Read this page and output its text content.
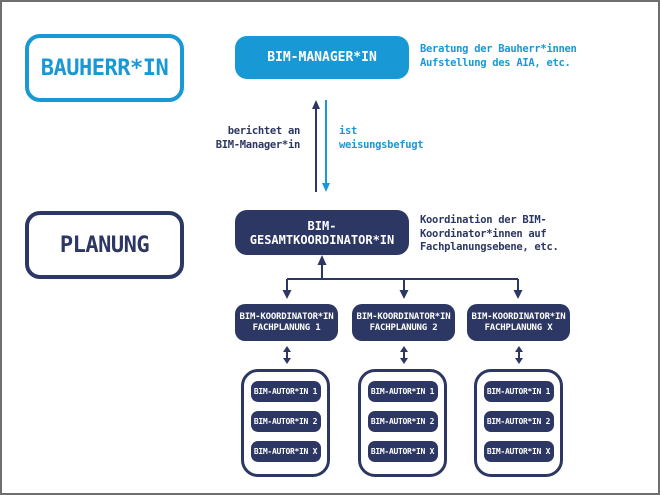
BAUHERR*IN
PLANUNG
BIM-MANAGER*IN
Beratung der Bauherr*innen
Aufstellung des AIA, etc.
berichtet an
BIM-Manager*in
ist
weisungsbefugt
BIM-
GESAMTKOORDINATOR*IN
Koordination der BIM-
Koordinator*innen auf
Fachplanungsebene, etc.
BIM-KOORDINATOR*IN
FACHPLANUNG 1
BIM-KOORDINATOR*IN
FACHPLANUNG 2
BIM-KOORDINATOR*IN
FACHPLANUNG X
BIM-AUTOR*IN 1
BIM-AUTOR*IN 2
BIM-AUTOR*IN X
BIM-AUTOR*IN 1
BIM-AUTOR*IN 2
BIM-AUTOR*IN X
BIM-AUTOR*IN 1
BIM-AUTOR*IN 2
BIM-AUTOR*IN X
